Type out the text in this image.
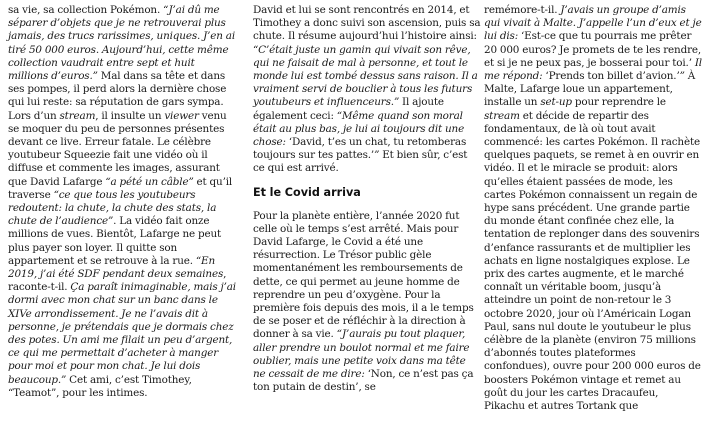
sa vie, sa collection Pokémon. “J’ai dû me séparer d’objets que je ne retrouverai plus jamais, des trucs rarissimes, uniques. J’en ai tiré 50 000 euros. Aujourd’hui, cette même collection vaudrait entre sept et huit millions d’euros.” Mal dans sa tête et dans ses pompes, il perd alors la dernière chose qui lui reste: sa réputation de gars sympa. Lors d’un stream, il insulte un viewer venu se moquer du peu de personnes présentes devant ce live. Erreur fatale. Le célèbre youtubeur Squeezie fait une vidéo où il diffuse et commente les images, assurant que David Lafarge “a pété un câble” et qu’il traverse “ce que tous les youtubeurs redoutent: la chute, la chute des stats, la chute de l’audience”. La vidéo fait onze millions de vues. Bientôt, Lafarge ne peut plus payer son loyer. Il quitte son appartement et se retrouve à la rue. “En 2019, j’ai été SDF pendant deux semaines, raconte-t-il. Ça paraît inimaginable, mais j’ai dormi avec mon chat sur un banc dans le XIVe arrondissement. Je ne l’avais dit à personne, je prétendais que je dormais chez des potes. Un ami me filait un peu d’argent, ce qui me permettait d’acheter à manger pour moi et pour mon chat. Je lui dois beaucoup.” Cet ami, c’est Timothey, “Teamot”, pour les intimes.

David et lui se sont rencontrés en 2014, et Timothey a donc suivi son ascension, puis sa chute. Il résume aujourd’hui l’histoire ainsi: “C’était juste un gamin qui vivait son rêve, qui ne faisait de mal à personne, et tout le monde lui est tombé dessus sans raison. Il a vraiment servi de bouclier à tous les futurs youtubeurs et influenceurs.” Il ajoute également ceci: “Même quand son moral était au plus bas, je lui ai toujours dit une chose: ‘David, t’es un chat, tu retomberas toujours sur tes pattes.’” Et bien sûr, c’est ce qui est arrivé.

Et le Covid arriva

Pour la planète entière, l’année 2020 fut celle où le temps s’est arrêté. Mais pour David Lafarge, le Covid a été une résurrection. Le Trésor public gèle momentanément les remboursements de dette, ce qui permet au jeune homme de reprendre un peu d’oxygène. Pour la première fois depuis des mois, il a le temps de se poser et de réfléchir à la direction à donner à sa vie. “J’aurais pu tout plaquer, aller prendre un boulot normal et me faire oublier, mais une petite voix dans ma tête ne cessait de me dire: ‘Non, ce n’est pas ça ton putain de destin’, se

remémore-t-il. J’avais un groupe d’amis qui vivait à Malte. J’appelle l’un d’eux et je lui dis: ‘Est-ce que tu pourrais me prêter 20 000 euros? Je promets de te les rendre, et si je ne peux pas, je bosserai pour toi.’ Il me répond: ‘Prends ton billet d’avion.’” À Malte, Lafarge loue un appartement, installe un set-up pour reprendre le stream et décide de repartir des fondamentaux, de là où tout avait commencé: les cartes Pokémon. Il rachète quelques paquets, se remet à en ouvrir en vidéo. Il et le miracle se produit: alors qu’elles étaient passées de mode, les cartes Pokémon connaissent un regain de hype sans précédent. Une grande partie du monde étant confinée chez elle, la tentation de replonger dans des souvenirs d’enfance rassurants et de multiplier les achats en ligne nostalgiques explose. Le prix des cartes augmente, et le marché connaît un véritable boom, jusqu’à atteindre un point de non-retour le 3 octobre 2020, jour où l’Américain Logan Paul, sans nul doute le youtubeur le plus célèbre de la planète (environ 75 millions d’abonnés toutes plateformes confondues), ouvre pour 200 000 euros de boosters Pokémon vintage et remet au goût du jour les cartes Dracaufeu, Pikachu et autres Tortank que
